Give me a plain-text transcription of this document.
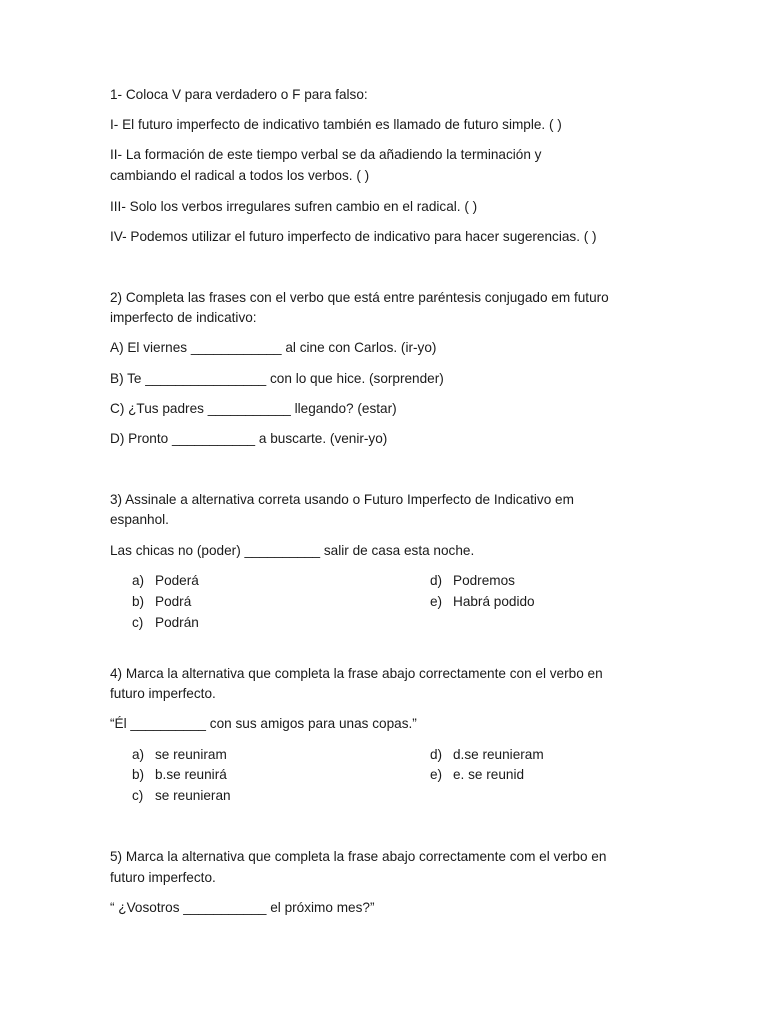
1- Coloca V para verdadero o F para falso:
I- El futuro imperfecto de indicativo también es llamado de futuro simple. ( )
II- La formación de este tiempo verbal se da añadiendo la terminación y
cambiando el radical a todos los verbos. ( )
III- Solo los verbos irregulares sufren cambio en el radical. ( )
IV- Podemos utilizar el futuro imperfecto de indicativo para hacer sugerencias. ( )
2) Completa las frases con el verbo que está entre paréntesis conjugado em futuro
imperfecto de indicativo:
A) El viernes ____________ al cine con Carlos. (ir-yo)
B) Te ________________ con lo que hice. (sorprender)
C) ¿Tus padres ___________ llegando? (estar)
D) Pronto ___________ a buscarte. (venir-yo)
3) Assinale a alternativa correta usando o Futuro Imperfecto de Indicativo em
espanhol.
Las chicas no (poder) __________ salir de casa esta noche.
a) Poderá
b) Podrá
c) Podrán
d) Podremos
e) Habrá podido
4) Marca la alternativa que completa la frase abajo correctamente con el verbo en
futuro imperfecto.
“Él __________ con sus amigos para unas copas.”
a) se reuniram
b) b.se reunirá
c) se reunieran
d) d.se reunieram
e) e. se reunid
5) Marca la alternativa que completa la frase abajo correctamente com el verbo en
futuro imperfecto.
“ ¿Vosotros ___________ el próximo mes?”
